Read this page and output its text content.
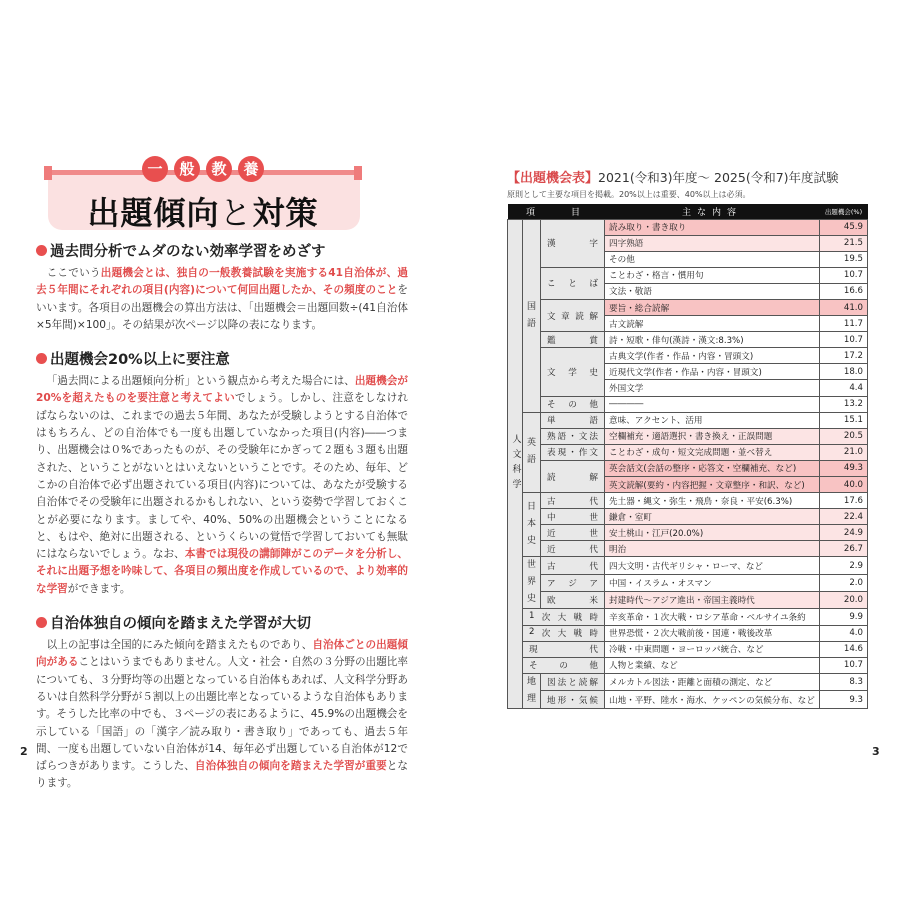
一	般	教	養
出題傾向と対策
過去問分析でムダのない効率学習をめざす

ここでいう出題機会とは、独自の一般教養試験を実施する41自治体が、過去５年間にそれぞれの項目(内容)について何回出題したか、その頻度のことをいいます。各項目の出題機会の算出方法は、「出題機会＝出題回数÷(41自治体×5年間)×100」。その結果が次ページ以降の表になります。

出題機会20%以上に要注意

「過去問による出題傾向分析」という観点から考えた場合には、出題機会が20%を超えたものを要注意と考えてよいでしょう。しかし、注意をしなければならないのは、これまでの過去５年間、あなたが受験しようとする自治体ではもちろん、どの自治体でも一度も出題していなかった項目(内容)――つまり、出題機会は０%であったものが、その受験年にかぎって２題も３題も出題された、ということがないとはいえないということです。そのため、毎年、どこかの自治体で必ず出題されている項目(内容)については、あなたが受験する自治体でその受験年に出題されるかもしれない、という姿勢で学習しておくことが必要になります。ましてや、40%、50%の出題機会ということになると、もはや、絶対に出題される、というくらいの覚悟で学習しておいても無駄にはならないでしょう。なお、本書では現役の講師陣がこのデータを分析し、それに出題予想を吟味して、各項目の頻出度を作成しているので、より効率的な学習ができます。

自治体独自の傾向を踏まえた学習が大切

以上の記事は全国的にみた傾向を踏まえたものであり、自治体ごとの出題傾向があることはいうまでもありません。人文・社会・自然の３分野の出題比率についても、３分野均等の出題となっている自治体もあれば、人文科学分野あるいは自然科学分野が５割以上の出題比率となっているような自治体もあります。そうした比率の中でも、３ページの表にあるように、45.9%の出題機会を示している「国語」の「漢字／読み取り・書き取り」であっても、過去５年間、一度も出題していない自治体が14、毎年必ず出題している自治体が12でばらつきがあります。こうした、自治体独自の傾向を踏まえた学習が重要となります。

2
【出題機会表】2021(令和3)年度～ 2025(令和7)年度試験
原則として主要な項目を掲載。20%以上は重要、40%以上は必須。
項　　目			主な内容	出題機会(%)
人文科学	
国
語

漢	字
	読み取り・書き取り	45.9
			四字熟語	21.5
			その他	19.5

		こ と ば	ことわざ・格言・慣用句	10.7
			文法・敬語	16.6

		文 章 読 解	要旨・総合読解	41.0
			古文読解	11.7

		鑑 賞	詩・短歌・俳句(漢詩・漢文:8.3%)	10.7

		文 学 史	古典文学(作者・作品・内容・冒頭文)	17.2
			近現代文学(作者・作品・内容・冒頭文)	18.0
			外国文学	4.4

		そ の 他	――――	13.2

英
語

単	語	意味、アクセント、活用	15.1

		熟 語 ・ 文 法	空欄補充・適語選択・書き換え・正誤問題	20.5

		表 現 ・ 作 文	ことわざ・成句・短文完成問題・並べ替え	21.0

		読 解	英会話文(会話の整序・応答文・空欄補充、など)	49.3
			英文読解(要約・内容把握・文章整序・和訳、など)	40.0

日
本
史

古	代	先土器・縄文・弥生・飛鳥・奈良・平安(6.3%)	17.6

		中 世	鎌倉・室町	22.4

		近 世	安土桃山・江戸(20.0%)	24.9

		近 代	明治	26.7

世
界
史

古	代	四大文明・古代ギリシャ・ローマ、など	2.9

		ア ジ ア	中国・イスラム・オスマン	2.0

		欧 米	封建時代～アジア進出・帝国主義時代	20.0

	1 次 大 戦 時		辛亥革命・１次大戦・ロシア革命・ベルサイユ条約	9.9

	2 次 大 戦 時		世界恐慌・２次大戦前後・国連・戦後改革	4.0

	現 代		冷戦・中東問題・ヨーロッパ統合、など	14.6

	そ の 他		人物と業績、など	10.7

地
理

図 法 と 読 解	メルカトル図法・距離と面積の測定、など	8.3

		地 形 ・ 気 候	山地・平野、陸水・海水、ケッペンの気候分布、など	9.3
3
